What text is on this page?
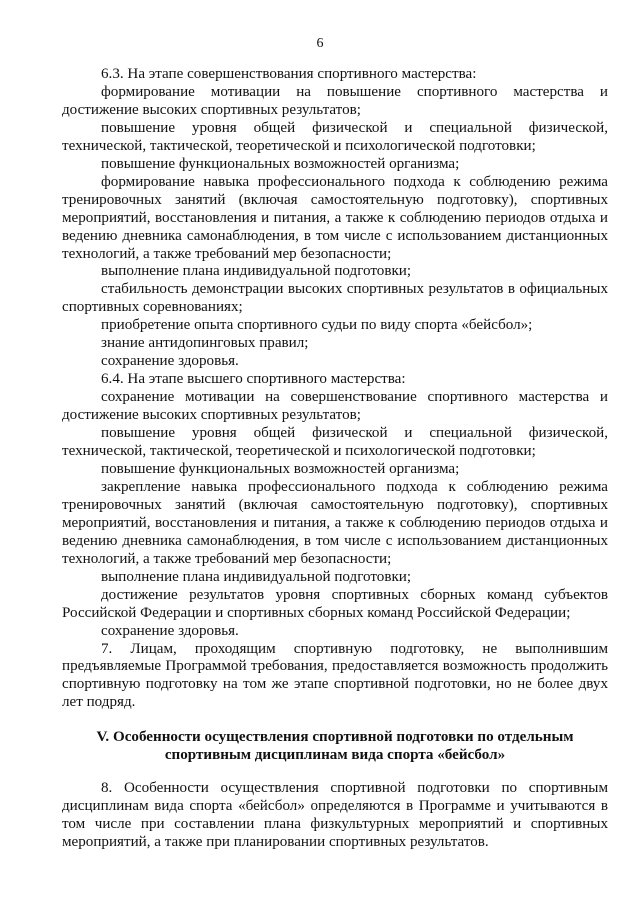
6

6.3. На этапе совершенствования спортивного мастерства:

формирование мотивации на повышение спортивного мастерства и достижение высоких спортивных результатов;

повышение уровня общей физической и специальной физической, технической, тактической, теоретической и психологической подготовки;

повышение функциональных возможностей организма;

формирование навыка профессионального подхода к соблюдению режима тренировочных занятий (включая самостоятельную подготовку), спортивных мероприятий, восстановления и питания, а также к соблюдению периодов отдыха и ведению дневника самонаблюдения, в том числе с использованием дистанционных технологий, а также требований мер безопасности;

выполнение плана индивидуальной подготовки;

стабильность демонстрации высоких спортивных результатов в официальных спортивных соревнованиях;

приобретение опыта спортивного судьи по виду спорта «бейсбол»;

знание антидопинговых правил;

сохранение здоровья.

6.4. На этапе высшего спортивного мастерства:

сохранение мотивации на совершенствование спортивного мастерства и достижение высоких спортивных результатов;

повышение уровня общей физической и специальной физической, технической, тактической, теоретической и психологической подготовки;

повышение функциональных возможностей организма;

закрепление навыка профессионального подхода к соблюдению режима тренировочных занятий (включая самостоятельную подготовку), спортивных мероприятий, восстановления и питания, а также к соблюдению периодов отдыха и ведению дневника самонаблюдения, в том числе с использованием дистанционных технологий, а также требований мер безопасности;

выполнение плана индивидуальной подготовки;

достижение результатов уровня спортивных сборных команд субъектов Российской Федерации и спортивных сборных команд Российской Федерации;

сохранение здоровья.

7. Лицам, проходящим спортивную подготовку, не выполнившим предъявляемые Программой требования, предоставляется возможность продолжить спортивную подготовку на том же этапе спортивной подготовки, но не более двух лет подряд.

V. Особенности осуществления спортивной подготовки по отдельным
спортивным дисциплинам вида спорта «бейсбол»

8. Особенности осуществления спортивной подготовки по спортивным дисциплинам вида спорта «бейсбол» определяются в Программе и учитываются в том числе при составлении плана физкультурных мероприятий и спортивных мероприятий, а также при планировании спортивных результатов.
